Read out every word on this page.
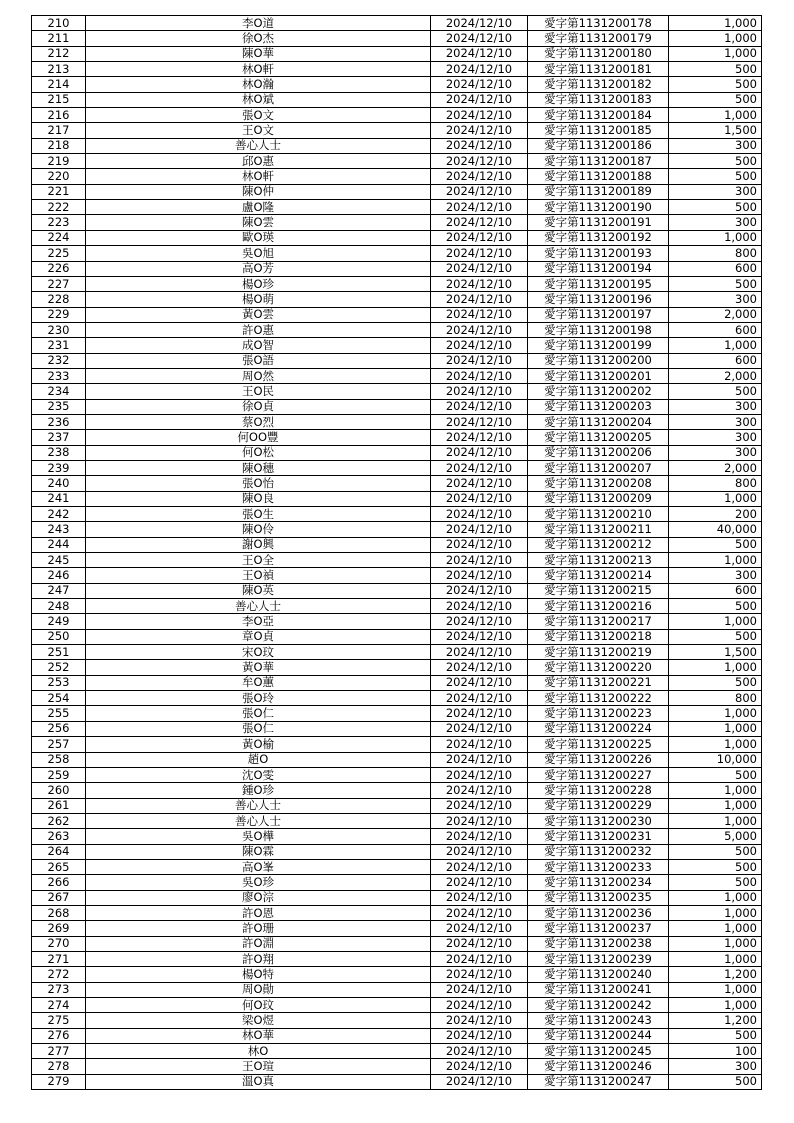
210	李O道	2024/12/10	愛字第1131200178	1,000
211	徐O杰	2024/12/10	愛字第1131200179	1,000
212	陳O華	2024/12/10	愛字第1131200180	1,000
213	林O軒	2024/12/10	愛字第1131200181	500
214	林O瀚	2024/12/10	愛字第1131200182	500
215	林O斌	2024/12/10	愛字第1131200183	500
216	張O文	2024/12/10	愛字第1131200184	1,000
217	王O文	2024/12/10	愛字第1131200185	1,500
218	善心人士	2024/12/10	愛字第1131200186	300
219	邱O惠	2024/12/10	愛字第1131200187	500
220	林O軒	2024/12/10	愛字第1131200188	500
221	陳O仲	2024/12/10	愛字第1131200189	300
222	盧O隆	2024/12/10	愛字第1131200190	500
223	陳O雲	2024/12/10	愛字第1131200191	300
224	歐O瑛	2024/12/10	愛字第1131200192	1,000
225	吳O旭	2024/12/10	愛字第1131200193	800
226	高O芳	2024/12/10	愛字第1131200194	600
227	楊O珍	2024/12/10	愛字第1131200195	500
228	楊O萌	2024/12/10	愛字第1131200196	300
229	黃O雲	2024/12/10	愛字第1131200197	2,000
230	許O惠	2024/12/10	愛字第1131200198	600
231	成O智	2024/12/10	愛字第1131200199	1,000
232	張O語	2024/12/10	愛字第1131200200	600
233	周O然	2024/12/10	愛字第1131200201	2,000
234	王O民	2024/12/10	愛字第1131200202	500
235	徐O貞	2024/12/10	愛字第1131200203	300
236	蔡O烈	2024/12/10	愛字第1131200204	300
237	何OO豐	2024/12/10	愛字第1131200205	300
238	何O松	2024/12/10	愛字第1131200206	300
239	陳O穗	2024/12/10	愛字第1131200207	2,000
240	張O怡	2024/12/10	愛字第1131200208	800
241	陳O良	2024/12/10	愛字第1131200209	1,000
242	張O生	2024/12/10	愛字第1131200210	200
243	陳O伶	2024/12/10	愛字第1131200211	40,000
244	謝O興	2024/12/10	愛字第1131200212	500
245	王O全	2024/12/10	愛字第1131200213	1,000
246	王O禎	2024/12/10	愛字第1131200214	300
247	陳O英	2024/12/10	愛字第1131200215	600
248	善心人士	2024/12/10	愛字第1131200216	500
249	李O亞	2024/12/10	愛字第1131200217	1,000
250	章O貞	2024/12/10	愛字第1131200218	500
251	宋O玟	2024/12/10	愛字第1131200219	1,500
252	黃O華	2024/12/10	愛字第1131200220	1,000
253	牟O蕙	2024/12/10	愛字第1131200221	500
254	張O玲	2024/12/10	愛字第1131200222	800
255	張O仁	2024/12/10	愛字第1131200223	1,000
256	張O仁	2024/12/10	愛字第1131200224	1,000
257	黃O榆	2024/12/10	愛字第1131200225	1,000
258	趙O	2024/12/10	愛字第1131200226	10,000
259	沈O雯	2024/12/10	愛字第1131200227	500
260	鍾O珍	2024/12/10	愛字第1131200228	1,000
261	善心人士	2024/12/10	愛字第1131200229	1,000
262	善心人士	2024/12/10	愛字第1131200230	1,000
263	吳O樺	2024/12/10	愛字第1131200231	5,000
264	陳O霖	2024/12/10	愛字第1131200232	500
265	高O峯	2024/12/10	愛字第1131200233	500
266	吳O珍	2024/12/10	愛字第1131200234	500
267	廖O淙	2024/12/10	愛字第1131200235	1,000
268	許O恩	2024/12/10	愛字第1131200236	1,000
269	許O珊	2024/12/10	愛字第1131200237	1,000
270	許O淵	2024/12/10	愛字第1131200238	1,000
271	許O翔	2024/12/10	愛字第1131200239	1,000
272	楊O特	2024/12/10	愛字第1131200240	1,200
273	周O勛	2024/12/10	愛字第1131200241	1,000
274	何O玟	2024/12/10	愛字第1131200242	1,000
275	梁O煜	2024/12/10	愛字第1131200243	1,200
276	林O華	2024/12/10	愛字第1131200244	500
277	林O	2024/12/10	愛字第1131200245	100
278	王O瑄	2024/12/10	愛字第1131200246	300
279	溫O真	2024/12/10	愛字第1131200247	500
